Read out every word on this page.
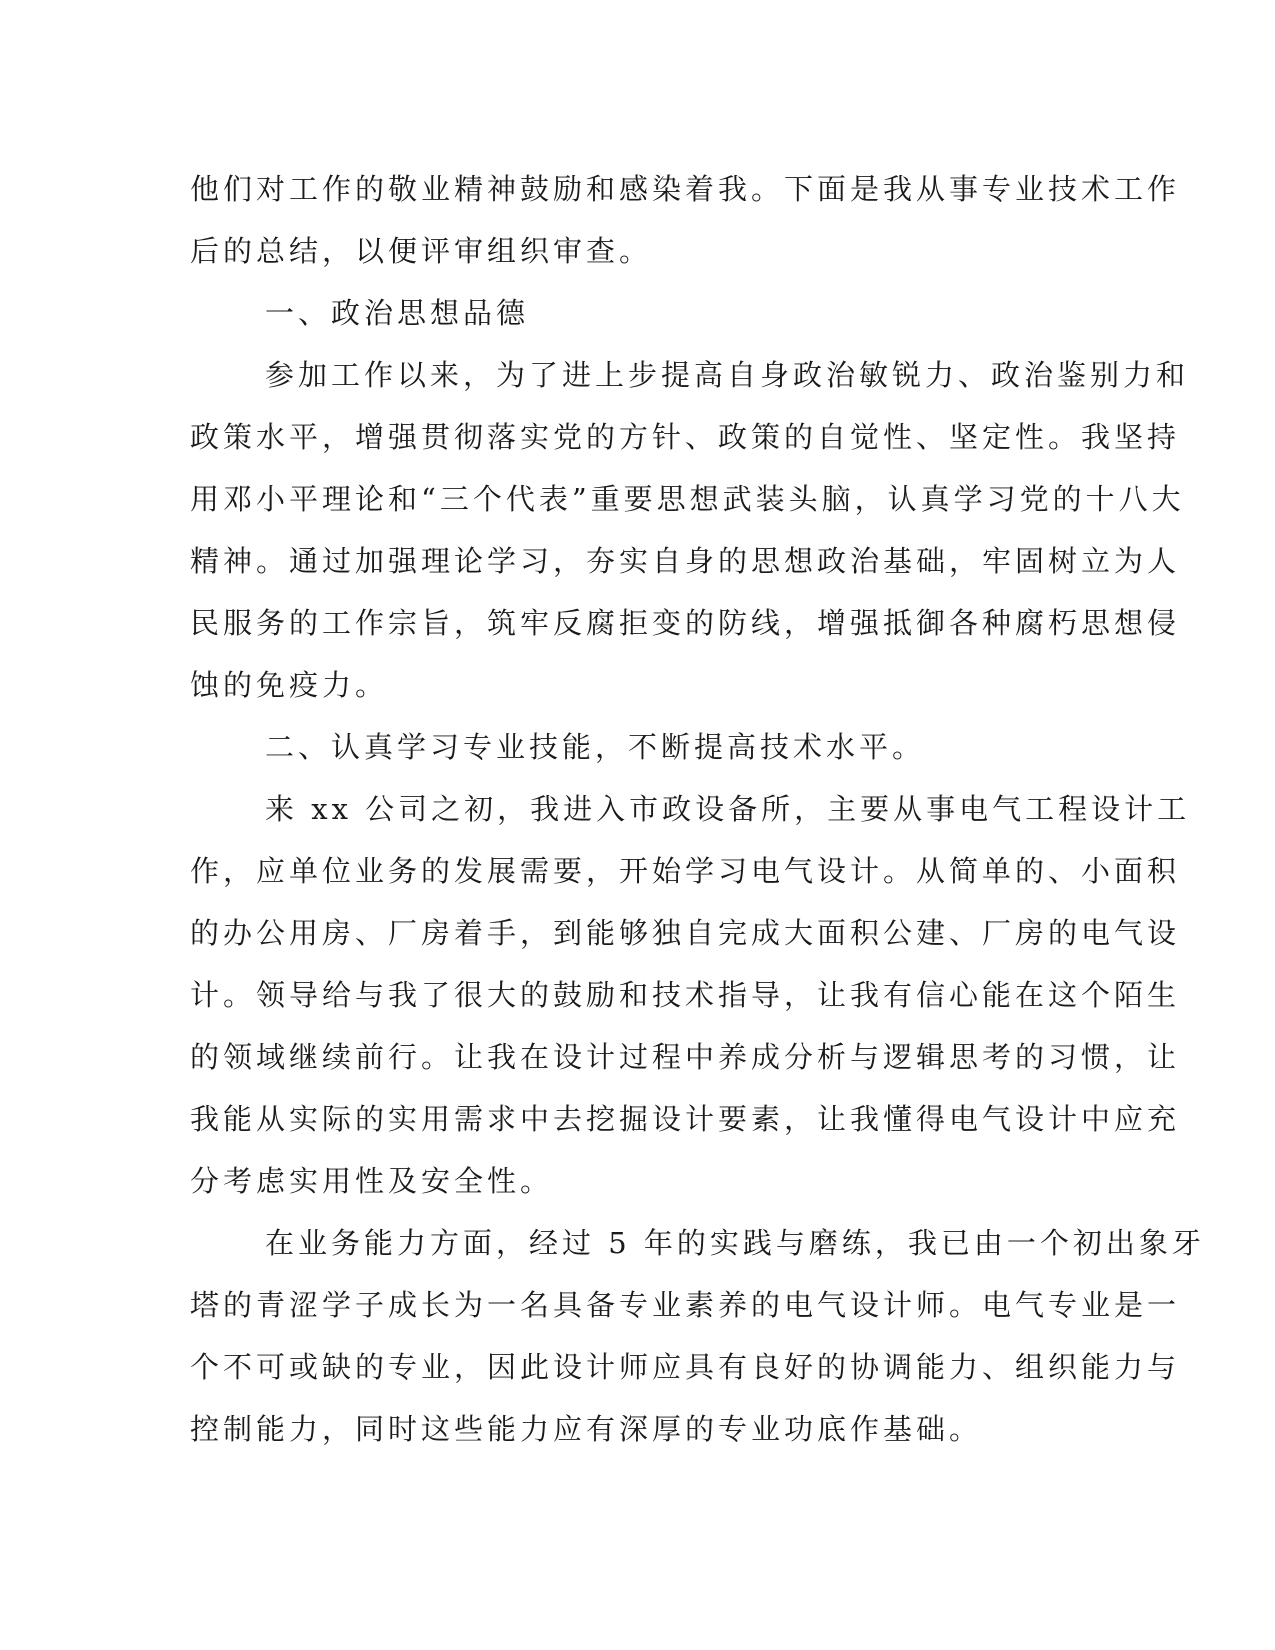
他们对工作的敬业精神鼓励和感染着我。下面是我从事专业技术工作
后的总结，以便评审组织审查。

一、政治思想品德

参加工作以来，为了进上步提高自身政治敏锐力、政治鉴别力和
政策水平，增强贯彻落实党的方针、政策的自觉性、坚定性。我坚持
用邓小平理论和“三个代表”重要思想武装头脑，认真学习党的十八大
精神。通过加强理论学习，夯实自身的思想政治基础，牢固树立为人
民服务的工作宗旨，筑牢反腐拒变的防线，增强抵御各种腐朽思想侵
蚀的免疫力。

二、认真学习专业技能，不断提高技术水平。

来 xx 公司之初，我进入市政设备所，主要从事电气工程设计工
作，应单位业务的发展需要，开始学习电气设计。从简单的、小面积
的办公用房、厂房着手，到能够独自完成大面积公建、厂房的电气设
计。领导给与我了很大的鼓励和技术指导，让我有信心能在这个陌生
的领域继续前行。让我在设计过程中养成分析与逻辑思考的习惯，让
我能从实际的实用需求中去挖掘设计要素，让我懂得电气设计中应充
分考虑实用性及安全性。

在业务能力方面，经过 5 年的实践与磨练，我已由一个初出象牙
塔的青涩学子成长为一名具备专业素养的电气设计师。电气专业是一
个不可或缺的专业，因此设计师应具有良好的协调能力、组织能力与
控制能力，同时这些能力应有深厚的专业功底作基础。
